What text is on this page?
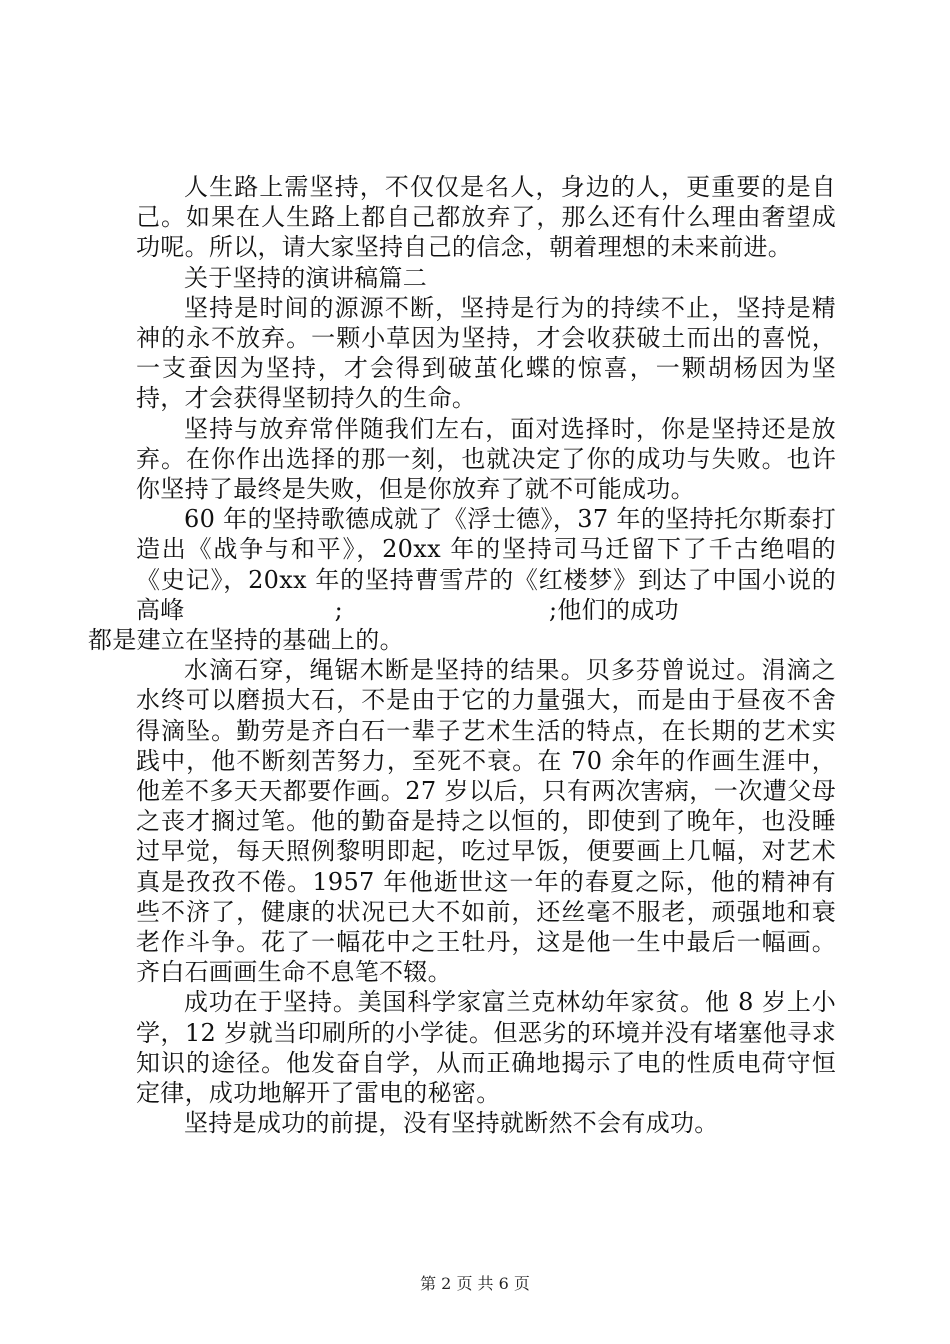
人生路上需坚持，不仅仅是名人，身边的人，更重要的是自己。如果在人生路上都自己都放弃了，那么还有什么理由奢望成功呢。所以，请大家坚持自己的信念，朝着理想的未来前进。

关于坚持的演讲稿篇二

坚持是时间的源源不断，坚持是行为的持续不止，坚持是精神的永不放弃。一颗小草因为坚持，才会收获破土而出的喜悦，一支蚕因为坚持，才会得到破茧化蝶的惊喜，一颗胡杨因为坚持，才会获得坚韧持久的生命。

坚持与放弃常伴随我们左右，面对选择时，你是坚持还是放弃。在你作出选择的那一刻，也就决定了你的成功与失败。也许你坚持了最终是失败，但是你放弃了就不可能成功。

60 年的坚持歌德成就了《浮士德》，37 年的坚持托尔斯泰打造出《战争与和平》，20xx 年的坚持司马迁留下了千古绝唱的《史记》，20xx 年的坚持曹雪芹的《红楼梦》到达了中国小说的高峰	;	;他们的成功
都是建立在坚持的基础上的。

水滴石穿，绳锯木断是坚持的结果。贝多芬曾说过。涓滴之水终可以磨损大石，不是由于它的力量强大，而是由于昼夜不舍得滴坠。勤劳是齐白石一辈子艺术生活的特点，在长期的艺术实践中，他不断刻苦努力，至死不衰。在 70 余年的作画生涯中，他差不多天天都要作画。27 岁以后，只有两次害病，一次遭父母之丧才搁过笔。他的勤奋是持之以恒的，即使到了晚年，也没睡过早觉，每天照例黎明即起，吃过早饭，便要画上几幅，对艺术真是孜孜不倦。1957 年他逝世这一年的春夏之际，他的精神有些不济了，健康的状况已大不如前，还丝毫不服老，顽强地和衰老作斗争。花了一幅花中之王牡丹，这是他一生中最后一幅画。齐白石画画生命不息笔不辍。

成功在于坚持。美国科学家富兰克林幼年家贫。他 8 岁上小学，12 岁就当印刷所的小学徒。但恶劣的环境并没有堵塞他寻求知识的途径。他发奋自学，从而正确地揭示了电的性质电荷守恒定律，成功地解开了雷电的秘密。

坚持是成功的前提，没有坚持就断然不会有成功。

第 2 页 共 6 页
